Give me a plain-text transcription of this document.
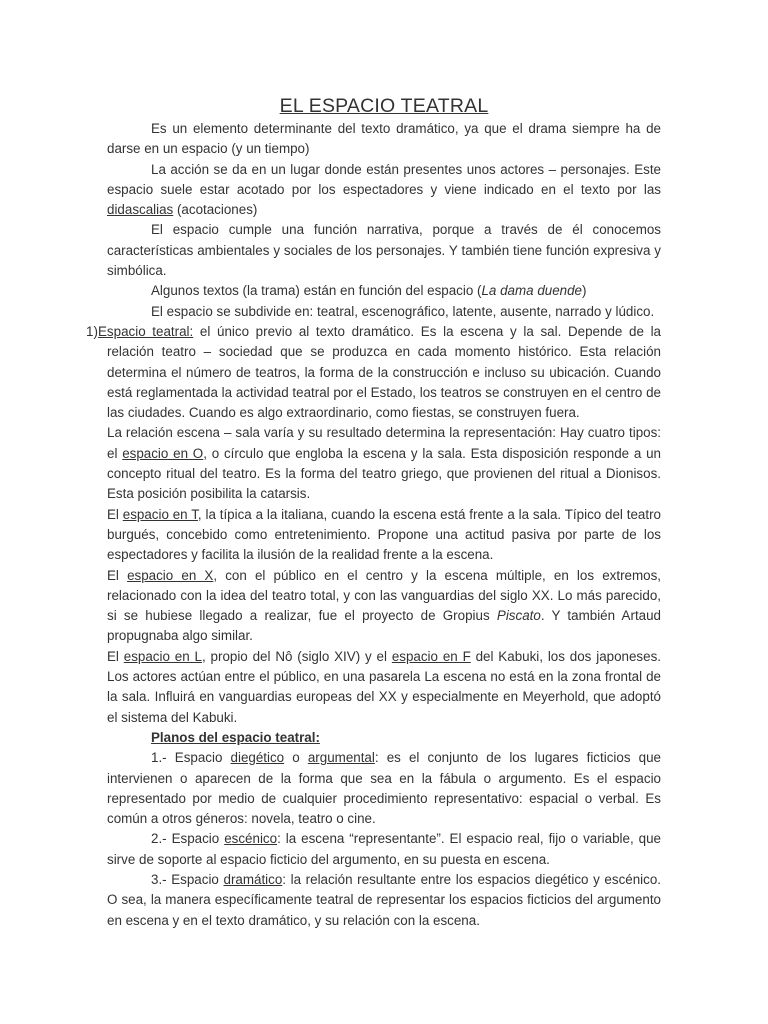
EL ESPACIO TEATRAL

Es un elemento determinante del texto dramático, ya que el drama siempre ha de darse en un espacio (y un tiempo)

La acción se da en un lugar donde están presentes unos actores – personajes. Este espacio suele estar acotado por los espectadores y viene indicado en el texto por las didascalias (acotaciones)

El espacio cumple una función narrativa, porque a través de él conocemos características ambientales y sociales de los personajes. Y también tiene función expresiva y simbólica.

Algunos textos (la trama) están en función del espacio (La dama duende)

El espacio se subdivide en: teatral, escenográfico, latente, ausente, narrado y lúdico.

1) Espacio teatral: el único previo al texto dramático. Es la escena y la sal. Depende de la relación teatro – sociedad que se produzca en cada momento histórico. Esta relación determina el número de teatros, la forma de la construcción e incluso su ubicación. Cuando está reglamentada la actividad teatral por el Estado, los teatros se construyen en el centro de las ciudades. Cuando es algo extraordinario, como fiestas, se construyen fuera.

La relación escena – sala varía y su resultado determina la representación: Hay cuatro tipos: el espacio en O, o círculo que engloba la escena y la sala. Esta disposición responde a un concepto ritual del teatro. Es la forma del teatro griego, que provienen del ritual a Dionisos. Esta posición posibilita la catarsis.

El espacio en T, la típica a la italiana, cuando la escena está frente a la sala. Típico del teatro burgués, concebido como entretenimiento. Propone una actitud pasiva por parte de los espectadores y facilita la ilusión de la realidad frente a la escena.

El espacio en X, con el público en el centro y la escena múltiple, en los extremos, relacionado con la idea del teatro total, y con las vanguardias del siglo XX. Lo más parecido, si se hubiese llegado a realizar, fue el proyecto de Gropius Piscato. Y también Artaud propugnaba algo similar.

El espacio en L, propio del Nô (siglo XIV) y el espacio en F del Kabuki, los dos japoneses. Los actores actúan entre el público, en una pasarela La escena no está en la zona frontal de la sala. Influirá en vanguardias europeas del XX y especialmente en Meyerhold, que adoptó el sistema del Kabuki.

Planos del espacio teatral:

1.- Espacio diegético o argumental: es el conjunto de los lugares ficticios que intervienen o aparecen de la forma que sea en la fábula o argumento. Es el espacio representado por medio de cualquier procedimiento representativo: espacial o verbal. Es común a otros géneros: novela, teatro o cine.

2.- Espacio escénico: la escena “representante”. El espacio real, fijo o variable, que sirve de soporte al espacio ficticio del argumento, en su puesta en escena.

3.- Espacio dramático: la relación resultante entre los espacios diegético y escénico. O sea, la manera específicamente teatral de representar los espacios ficticios del argumento en escena y en el texto dramático, y su relación con la escena.
